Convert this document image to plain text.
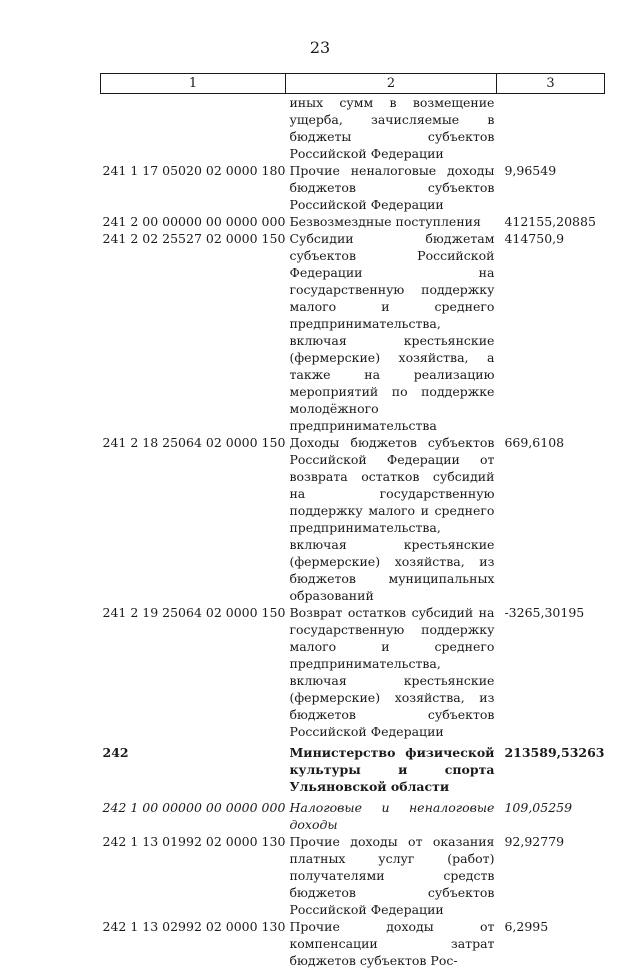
23
1	2	3
	иных сумм в возмещение ущерба, зачисляемые в бюджеты субъектов Российской Федерации	
241 1 17 05020 02 0000 180	Прочие неналоговые доходы бюджетов субъектов Российской Федерации	9,96549
241 2 00 00000 00 0000 000	Безвозмездные поступления	412155,20885
241 2 02 25527 02 0000 150	Субсидии бюджетам субъектов Российской Федерации на государственную поддержку малого и среднего предпринимательства, включая крестьянские (фермерские) хозяйства, а также на реализацию мероприятий по поддержке молодёжного предпринимательства	414750,9
241 2 18 25064 02 0000 150	Доходы бюджетов субъектов Российской Федерации от возврата остатков субсидий на государственную поддержку малого и среднего предпринимательства, включая крестьянские (фермерские) хозяйства, из бюджетов муниципальных образований	669,6108
241 2 19 25064 02 0000 150	Возврат остатков субсидий на государственную поддержку малого и среднего предпринимательства, включая крестьянские (фермерские) хозяйства, из бюджетов субъектов Российской Федерации	-3265,30195
242	Министерство физической культуры и спорта Ульяновской области	213589,53263
242 1 00 00000 00 0000 000	Налоговые и неналоговые доходы	109,05259
242 1 13 01992 02 0000 130	Прочие доходы от оказания платных услуг (работ) получателями средств бюджетов субъектов Российской Федерации	92,92779
242 1 13 02992 02 0000 130	Прочие доходы от компенсации затрат бюджетов субъектов Рос-	6,2995
